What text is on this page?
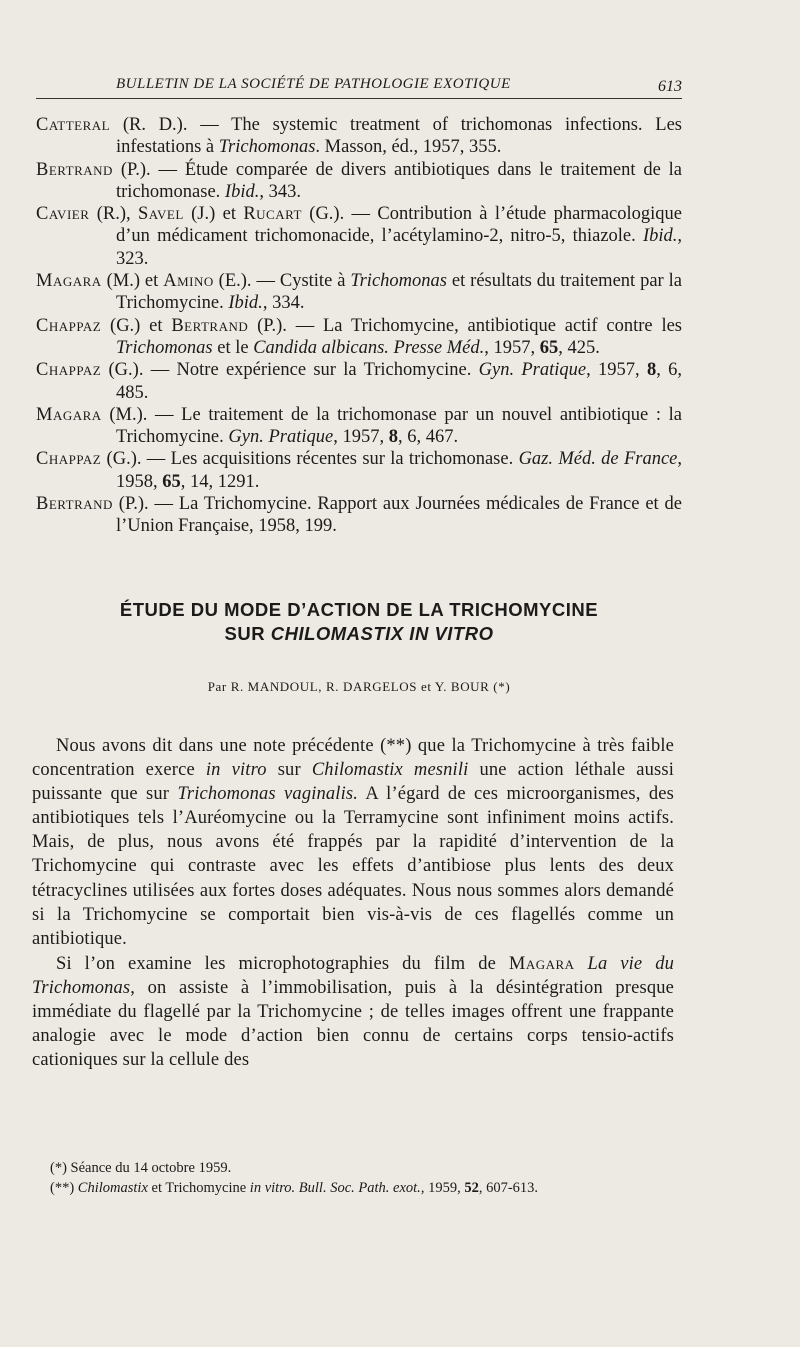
BULLETIN DE LA SOCIÉTÉ DE PATHOLOGIE EXOTIQUE	613

Catteral (R. D.). — The systemic treatment of trichomonas infections. Les infestations à Trichomonas. Masson, éd., 1957, 355.

Bertrand (P.). — Étude comparée de divers antibiotiques dans le traitement de la trichomonase. Ibid., 343.

Cavier (R.), Savel (J.) et Rucart (G.). — Contribution à l’étude pharmacologique d’un médicament trichomonacide, l’acétylamino-2, nitro-5, thiazole. Ibid., 323.

Magara (M.) et Amino (E.). — Cystite à Trichomonas et résultats du traitement par la Trichomycine. Ibid., 334.

Chappaz (G.) et Bertrand (P.). — La Trichomycine, antibiotique actif contre les Trichomonas et le Candida albicans. Presse Méd., 1957, 65, 425.

Chappaz (G.). — Notre expérience sur la Trichomycine. Gyn. Pratique, 1957, 8, 6, 485.

Magara (M.). — Le traitement de la trichomonase par un nouvel antibiotique : la Trichomycine. Gyn. Pratique, 1957, 8, 6, 467.

Chappaz (G.). — Les acquisitions récentes sur la trichomonase. Gaz. Méd. de France, 1958, 65, 14, 1291.

Bertrand (P.). — La Trichomycine. Rapport aux Journées médicales de France et de l’Union Française, 1958, 199.

ÉTUDE DU MODE D’ACTION DE LA TRICHOMYCINE
SUR CHILOMASTIX IN VITRO
Par R. MANDOUL, R. DARGELOS et Y. BOUR (*)

Nous avons dit dans une note précédente (**) que la Trichomycine à très faible concentration exerce in vitro sur Chilomastix mesnili une action léthale aussi puissante que sur Trichomonas vaginalis. A l’égard de ces microorganismes, des antibiotiques tels l’Auréomycine ou la Terramycine sont infiniment moins actifs. Mais, de plus, nous avons été frappés par la rapidité d’intervention de la Trichomycine qui contraste avec les effets d’antibiose plus lents des deux tétracyclines utilisées aux fortes doses adéquates. Nous nous sommes alors demandé si la Trichomycine se comportait bien vis-à-vis de ces flagellés comme un antibiotique.

Si l’on examine les microphotographies du film de Magara La vie du Trichomonas, on assiste à l’immobilisation, puis à la désintégration presque immédiate du flagellé par la Trichomycine ; de telles images offrent une frappante analogie avec le mode d’action bien connu de certains corps tensio-actifs cationiques sur la cellule des

(*) Séance du 14 octobre 1959.

(**) Chilomastix et Trichomycine in vitro. Bull. Soc. Path. exot., 1959, 52, 607-613.
